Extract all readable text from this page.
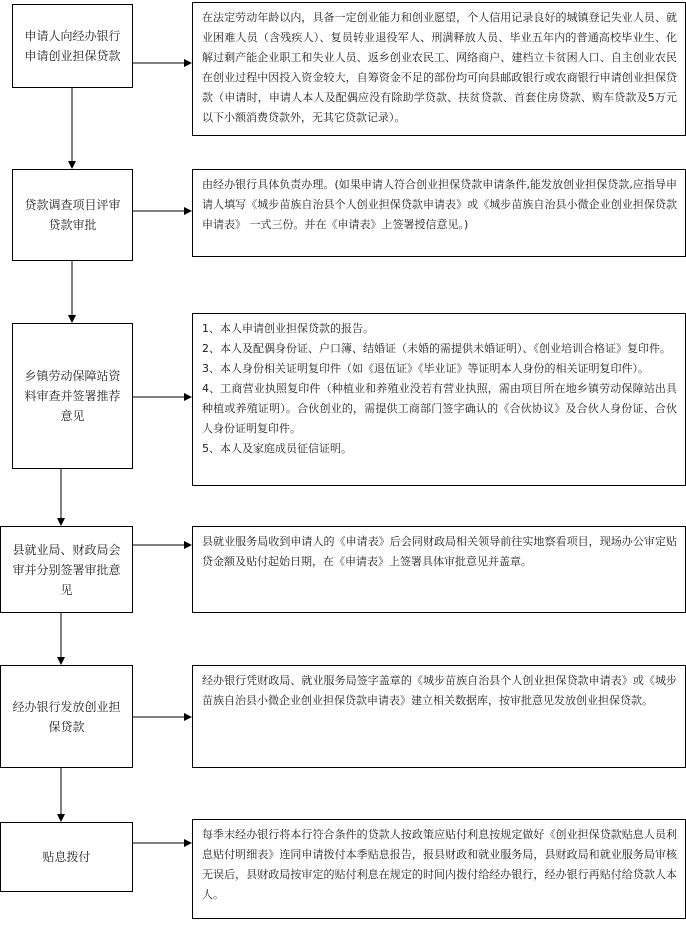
申请人向经办银行申请创业担保贷款
贷款调查项目评审贷款审批
乡镇劳动保障站资料审查并签署推荐意见
县就业局、财政局会审并分别签署审批意见
经办银行发放创业担保贷款
贴息拨付

在法定劳动年龄以内，具备一定创业能力和创业愿望，个人信用记录良好的城镇登记失业人员、就业困难人员（含残疾人）、复员转业退役军人、刑满释放人员、毕业五年内的普通高校毕业生、化解过剩产能企业职工和失业人员、返乡创业农民工、网络商户、建档立卡贫困人口、自主创业农民在创业过程中因投入资金较大，自筹资金不足的部份均可向县邮政银行或农商银行申请创业担保贷款（申请时，申请人本人及配偶应没有除助学贷款、扶贫贷款、首套住房贷款、购车贷款及5万元以下小额消费贷款外，无其它贷款记录）。

由经办银行具体负责办理。(如果申请人符合创业担保贷款申请条件,能发放创业担保贷款,应指导申请人填写《城步苗族自治县个人创业担保贷款申请表》或《城步苗族自治县小微企业创业担保贷款申请表》 一式三份。并在《申请表》上签署授信意见。)

1、本人申请创业担保贷款的报告。

2、本人及配偶身份证、户口簿、结婚证（未婚的需提供未婚证明）、《创业培训合格证》复印件。

3、本人身份相关证明复印件（如《退伍证》《毕业证》等证明本人身份的相关证明复印件）。

4、工商营业执照复印件（种植业和养殖业没若有营业执照，需由项目所在地乡镇劳动保障站出具种植或养殖证明）。合伙创业的，需提供工商部门签字确认的《合伙协议》及合伙人身份证、合伙人身份证明复印件。

5、本人及家庭成员征信证明。

县就业服务局收到申请人的《申请表》后会同财政局相关领导前往实地察看项目，现场办公审定贴贷金额及贴付起始日期，在《申请表》上签署具体审批意见并盖章。

经办银行凭财政局、就业服务局签字盖章的《城步苗族自治县个人创业担保贷款申请表》或《城步苗族自治县小微企业创业担保贷款申请表》建立相关数据库，按审批意见发放创业担保贷款。

每季末经办银行将本行符合条件的贷款人按政策应贴付利息按规定做好《创业担保贷款贴息人员利息贴付明细表》连同申请拨付本季贴息报告，报县财政和就业服务局，县财政局和就业服务局审核无误后，县财政局按审定的贴付利息在规定的时间内拨付给经办银行，经办银行再贴付给贷款人本人。
